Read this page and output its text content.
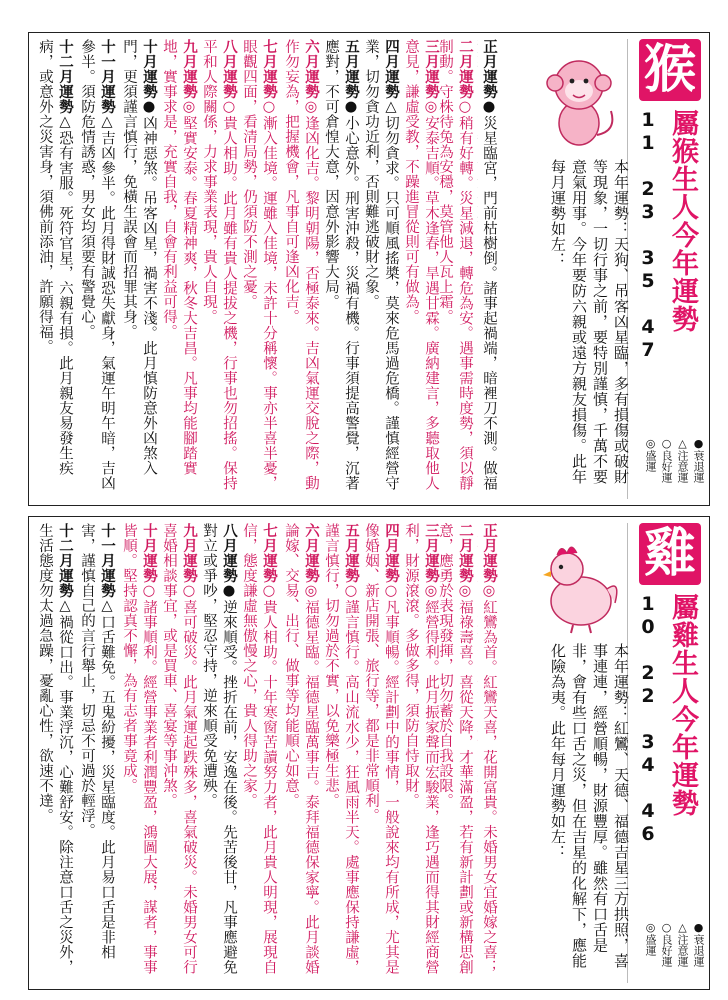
猴
屬猴生人今年運勢
11 23 35 47
●衰退運
△注意運
○良好運
◎盛運
本年運勢：天狗、吊客凶星臨，多有損傷或破財等現象，一切行事之前，要特別謹慎，千萬不要意氣用事。今年要防六親或遠方親友損傷。此年每月運勢如左：
正月運勢●災星臨宮，門前枯樹倒。諸事起禍端，暗裡刀不測。做福
二月運勢○稍有好轉。災星減退，轉危為安。遇事需時度勢，須以靜制動。守株待兔為安穩，莫管他人瓦上霜。
三月運勢◎安泰吉順。草木逢春，旱遇甘霖。廣納建言，多聽取他人意見，謙虛受教，不躁進冒從則可有做為。
四月運勢△切勿貪求。只可順風搖槳，莫來危馬過危橋。謹慎經營守業，切勿貪功近利，否則難逃破財之象。
五月運勢●小心意外。刑害沖殺，災禍有機。行事須提高警覺，沉著應對，不可倉惶大意，因意外影響大局。
六月運勢◎逢凶化吉。黎明朝陽，否極泰來。吉凶氣運交脫之際，動作勿妄為，把握機會，凡事自可逢凶化吉。
七月運勢○漸入佳境。運雖入佳境，未許十分稱懷。事亦半喜半憂，眼觀四面，看清局勢，仍須防不測之憂。
八月運勢○貴人相助。此月雖有貴人提拔之機，行事也勿招搖。保持平和人際關係，力求事業表現，貴人自現。
九月運勢◎堅實安泰。春夏精神爽，秋冬大吉昌。凡事均能腳踏實地，實事求是，充實自我，自會有利益可得。
十月運勢●凶神惡煞。吊客凶星，禍害不淺。此月慎防意外凶煞入門，更須謹言慎行，免橫生誤會而招罪其身。
十一月運勢△吉凶參半。此月得財誠恐失獻身，氣運午明午暗，吉凶參半。須防危情誘惑，男女均須要有警覺心。
十二月運勢△恐有害服。死符官星，六親有損。此月親友易發生疾病，或意外之災害身，須佛前添油，許願得福。
雞
屬雞生人今年運勢
10 22 34 46
●衰退運
△注意運
○良好運
◎盛運
本年運勢：紅鸞、天德、福德吉星三方拱照，喜事連連，經營順暢，財源豐厚。雖然有口舌是非，會有些口舌之災，但在吉星的化解下，應能化險為夷。此年每月運勢如左：
正月運勢◎紅鸞為首。紅鸞天喜，花開富貴。未婚男女宜婚嫁之喜；
二月運勢◎福祿壽喜。喜從天降，才華滿盈，若有新計劃或新構思創意，應勇於表現發揮，切勿蓄於自我設限。
三月運勢◎經營得利。此月振家聲而宏駿業，逢巧遇而得其財經商營利，財源滾滾。多做多得，須防自恃取財。
四月運勢○凡事順暢。經計劃中的事情，一般說來均有所成，尤其是像婚姻、新店開張、旅行等，都是非常順利。
五月運勢○謹言慎行。高山流水少，狂風雨半天。處事應保持謙虛，謹言慎行，切勿過於不實，以免樂極生悲。
六月運勢◎福德星臨。福德星臨萬事吉。泰拜福德保家寧。此月談婚論嫁、交易、出行、做事等均能順心如意。
七月運勢○貴人相助。十年寒窗苦讀努力者，此月貴人明現，展現自信，態度謙虛無傲慢之心，貴人得助之家。
八月運勢●逆來順受。挫折在前，安逸在後。先苦後甘，凡事應避免對立或爭吵，堅忍守持，逆來順受免遭殃。
九月運勢○喜可破災。此月氣運起跌殊多，喜氣破災。未婚男女可行喜婚相談事宜，或是買車、喜宴等事沖煞。
十月運勢○諸事順利。經營事業者利潤豐盈，鴻圖大展，謀者，事事皆順。堅持認真不懈，為有志者事竟成。
十一月運勢△口舌難免。五鬼紛擾，災星臨度。此月易口舌是非相害，謹慎自己的言行舉止，切忌不可過於輕浮。
十二月運勢△禍從口出。事業浮沉，心難舒安。除注意口舌之災外，生活態度勿太過急躁，憂亂心性，欲速不達。
